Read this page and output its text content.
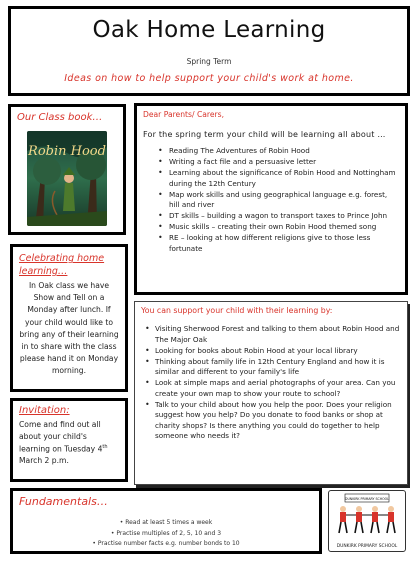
Oak Home Learning
Spring Term
Ideas on how to help support your child's work at home.
Our Class book…
Robin Hood
Celebrating home learning…
In Oak class we have Show and Tell on a Monday after lunch. If your child would like to bring any of their learning in to share with the class please hand it on Monday morning.
Invitation:
Come and find out all about your child's learning on Tuesday 4th March 2 p.m.
Dear Parents/ Carers,
For the spring term your child will be learning all about …
• Reading The Adventures of Robin Hood
• Writing a fact file and a persuasive letter
• Learning about the significance of Robin Hood and Nottingham during the 12th Century
• Map work skills and using geographical language e.g. forest, hill and river
• DT skills – building a wagon to transport taxes to Prince John
• Music skills – creating their own Robin Hood themed song
• RE – looking at how different religions give to those less fortunate
You can support your child with their learning by:
• Visiting Sherwood Forest and talking to them about Robin Hood and The Major Oak
• Looking for books about Robin Hood at your local library
• Thinking about family life in 12th Century England and how it is similar and different to your family's life
• Look at simple maps and aerial photographs of your area. Can you create your own map to show your route to school?
• Talk to your child about how you help the poor. Does your religion suggest how you help? Do you donate to food banks or shop at charity shops? Is there anything you could do together to help someone who needs it?
Fundamentals…
• Read at least 5 times a week
• Practise multiples of 2, 5, 10 and 3
• Practise number facts e.g. number bonds to 10
DUNKIRK PRIMARY SCHOOL
DUNKIRK PRIMARY SCHOOL
